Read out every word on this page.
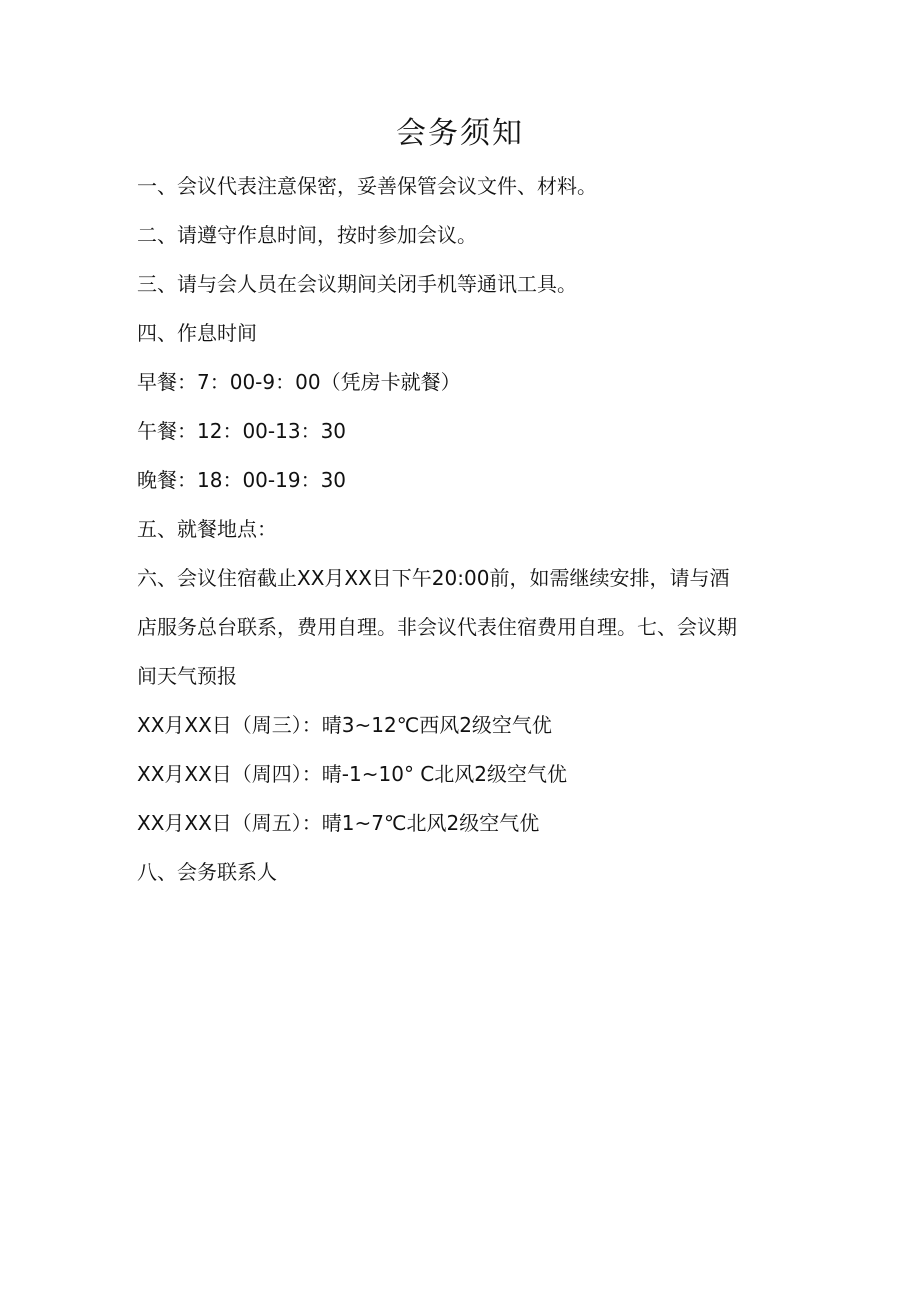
会务须知

一、会议代表注意保密，妥善保管会议文件、材料。

二、请遵守作息时间，按时参加会议。

三、请与会人员在会议期间关闭手机等通讯工具。

四、作息时间

早餐：7：00-9：00（凭房卡就餐）

午餐：12：00-13：30

晚餐：18：00-19：30

五、就餐地点：

六、会议住宿截止XX月XX日下午20:00前，如需继续安排，请与酒

店服务总台联系，费用自理。非会议代表住宿费用自理。七、会议期

间天气预报

XX月XX日（周三）：晴3~12℃西风2级空气优

XX月XX日（周四）：晴-1~10° C北风2级空气优

XX月XX日（周五）：晴1~7℃北风2级空气优

八、会务联系人
